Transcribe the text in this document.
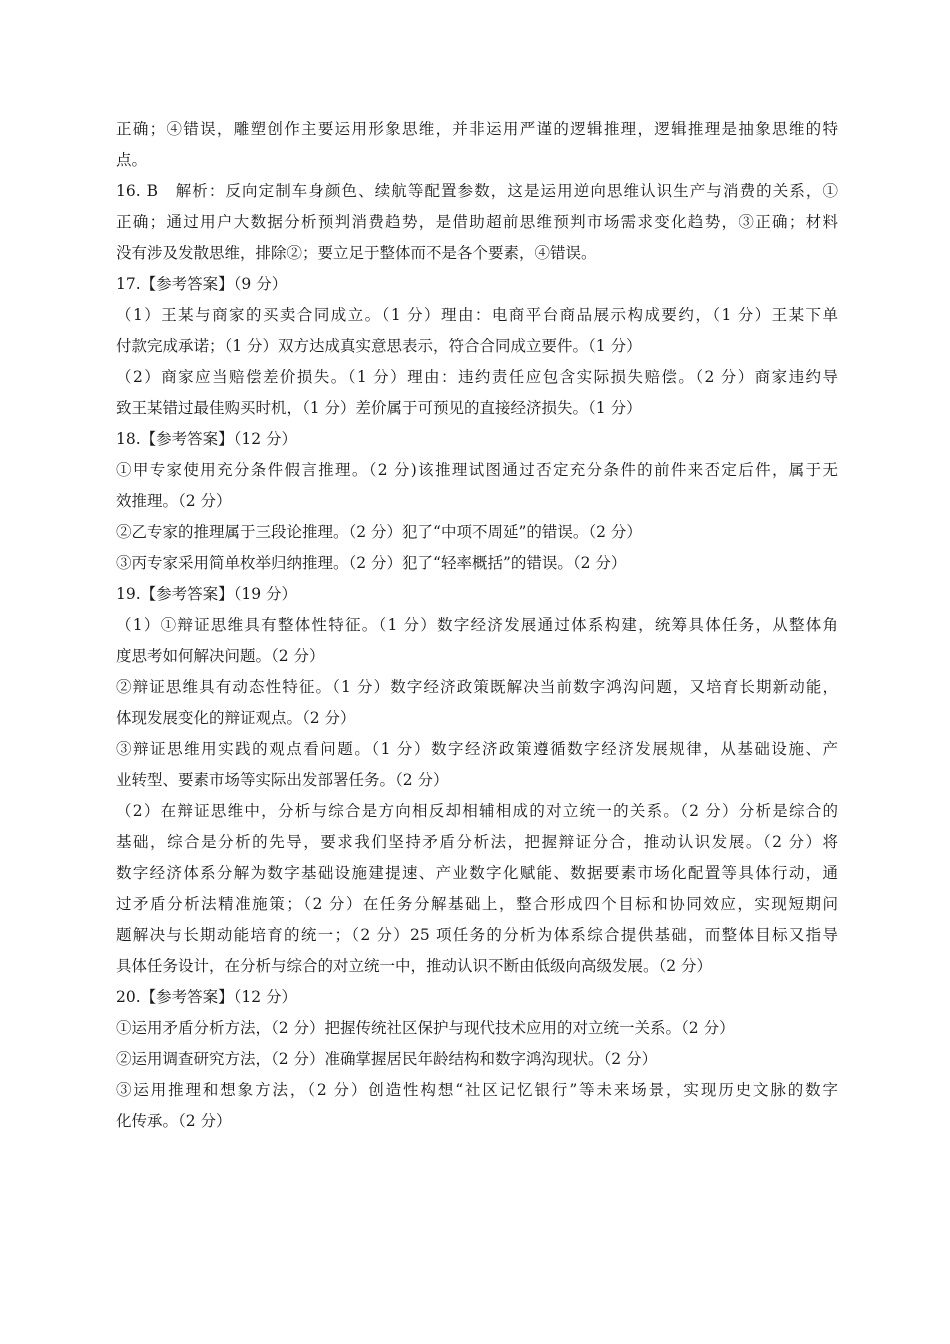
正确；④错误，雕塑创作主要运用形象思维，并非运用严谨的逻辑推理，逻辑推理是抽象思维的特
点。
16. B　解析：反向定制车身颜色、续航等配置参数，这是运用逆向思维认识生产与消费的关系，①
正确；通过用户大数据分析预判消费趋势，是借助超前思维预判市场需求变化趋势，③正确；材料
没有涉及发散思维，排除②；要立足于整体而不是各个要素，④错误。
17.【参考答案】（9 分）
（1）王某与商家的买卖合同成立。（1 分）理由：电商平台商品展示构成要约，（1 分）王某下单
付款完成承诺；（1 分）双方达成真实意思表示，符合合同成立要件。（1 分）
（2）商家应当赔偿差价损失。（1 分）理由：违约责任应包含实际损失赔偿。（2 分）商家违约导
致王某错过最佳购买时机，（1 分）差价属于可预见的直接经济损失。（1 分）
18.【参考答案】（12 分）
①甲专家使用充分条件假言推理。（2 分)该推理试图通过否定充分条件的前件来否定后件，属于无
效推理。（2 分）
②乙专家的推理属于三段论推理。（2 分）犯了“中项不周延”的错误。（2 分）
③丙专家采用简单枚举归纳推理。（2 分）犯了“轻率概括”的错误。（2 分）
19.【参考答案】（19 分）
（1）①辩证思维具有整体性特征。（1 分）数字经济发展通过体系构建，统筹具体任务，从整体角
度思考如何解决问题。（2 分）
②辩证思维具有动态性特征。（1 分）数字经济政策既解决当前数字鸿沟问题，又培育长期新动能，
体现发展变化的辩证观点。（2 分）
③辩证思维用实践的观点看问题。（1 分）数字经济政策遵循数字经济发展规律，从基础设施、产
业转型、要素市场等实际出发部署任务。（2 分）
（2）在辩证思维中，分析与综合是方向相反却相辅相成的对立统一的关系。（2 分）分析是综合的
基础，综合是分析的先导，要求我们坚持矛盾分析法，把握辩证分合，推动认识发展。（2 分）将
数字经济体系分解为数字基础设施建提速、产业数字化赋能、数据要素市场化配置等具体行动，通
过矛盾分析法精准施策；（2 分）在任务分解基础上，整合形成四个目标和协同效应，实现短期问
题解决与长期动能培育的统一；（2 分）25 项任务的分析为体系综合提供基础，而整体目标又指导
具体任务设计，在分析与综合的对立统一中，推动认识不断由低级向高级发展。（2 分）
20.【参考答案】（12 分）
①运用矛盾分析方法，（2 分）把握传统社区保护与现代技术应用的对立统一关系。（2 分）
②运用调查研究方法，（2 分）准确掌握居民年龄结构和数字鸿沟现状。（2 分）
③运用推理和想象方法，（2 分）创造性构想“社区记忆银行”等未来场景，实现历史文脉的数字
化传承。（2 分）
